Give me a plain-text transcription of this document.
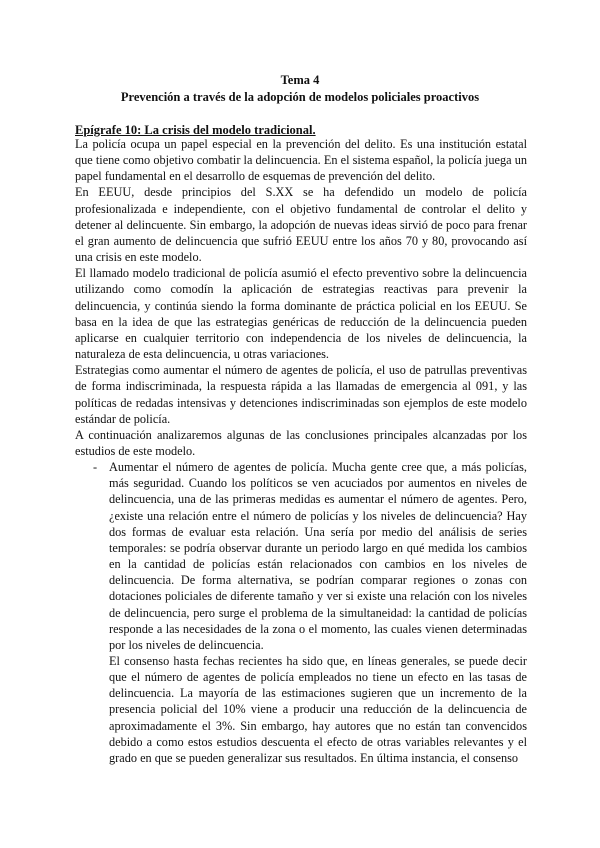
Tema 4
Prevención a través de la adopción de modelos policiales proactivos
Epígrafe 10: La crisis del modelo tradicional.

La policía ocupa un papel especial en la prevención del delito. Es una institución estatal que tiene como objetivo combatir la delincuencia. En el sistema español, la policía juega un papel fundamental en el desarrollo de esquemas de prevención del delito.

En EEUU, desde principios del S.XX se ha defendido un modelo de policía profesionalizada e independiente, con el objetivo fundamental de controlar el delito y detener al delincuente. Sin embargo, la adopción de nuevas ideas sirvió de poco para frenar el gran aumento de delincuencia que sufrió EEUU entre los años 70 y 80, provocando así una crisis en este modelo.

El llamado modelo tradicional de policía asumió el efecto preventivo sobre la delincuencia utilizando como comodín la aplicación de estrategias reactivas para prevenir la delincuencia, y continúa siendo la forma dominante de práctica policial en los EEUU. Se basa en la idea de que las estrategias genéricas de reducción de la delincuencia pueden aplicarse en cualquier territorio con independencia de los niveles de delincuencia, la naturaleza de esta delincuencia, u otras variaciones.

Estrategias como aumentar el número de agentes de policía, el uso de patrullas preventivas de forma indiscriminada, la respuesta rápida a las llamadas de emergencia al 091, y las políticas de redadas intensivas y detenciones indiscriminadas son ejemplos de este modelo estándar de policía.

A continuación analizaremos algunas de las conclusiones principales alcanzadas por los estudios de este modelo.

- Aumentar el número de agentes de policía. Mucha gente cree que, a más policías, más seguridad. Cuando los políticos se ven acuciados por aumentos en niveles de delincuencia, una de las primeras medidas es aumentar el número de agentes. Pero, ¿existe una relación entre el número de policías y los niveles de delincuencia? Hay dos formas de evaluar esta relación. Una sería por medio del análisis de series temporales: se podría observar durante un periodo largo en qué medida los cambios en la cantidad de policías están relacionados con cambios en los niveles de delincuencia. De forma alternativa, se podrían comparar regiones o zonas con dotaciones policiales de diferente tamaño y ver si existe una relación con los niveles de delincuencia, pero surge el problema de la simultaneidad: la cantidad de policías responde a las necesidades de la zona o el momento, las cuales vienen determinadas por los niveles de delincuencia.

El consenso hasta fechas recientes ha sido que, en líneas generales, se puede decir que el número de agentes de policía empleados no tiene un efecto en las tasas de delincuencia. La mayoría de las estimaciones sugieren que un incremento de la presencia policial del 10% viene a producir una reducción de la delincuencia de aproximadamente el 3%. Sin embargo, hay autores que no están tan convencidos debido a como estos estudios descuenta el efecto de otras variables relevantes y el grado en que se pueden generalizar sus resultados. En última instancia, el consenso
